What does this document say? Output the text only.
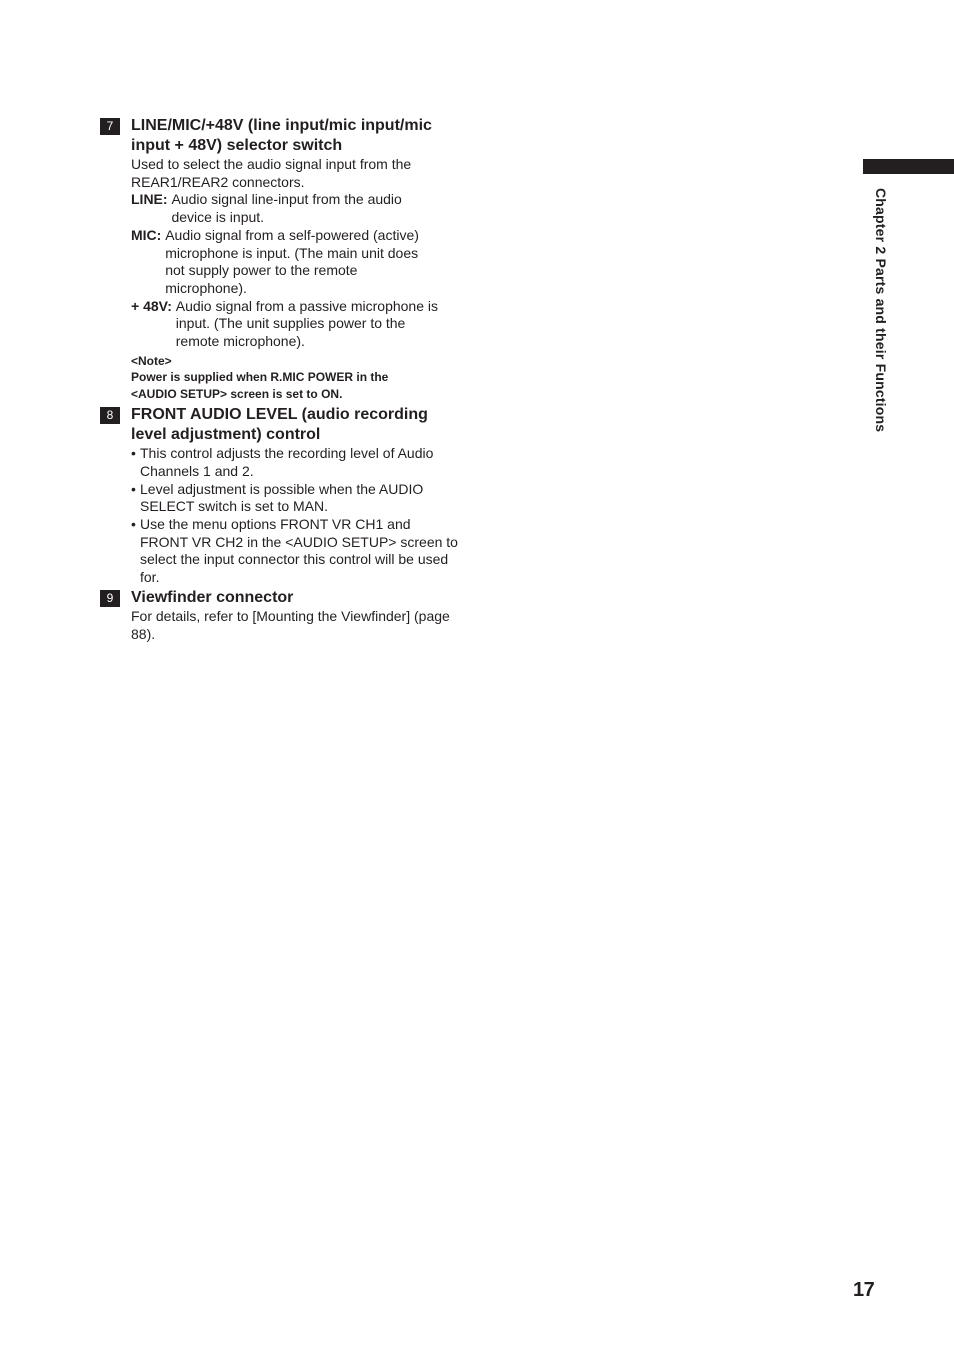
7	LINE/MIC/+48V (line input/mic input/mic input + 48V) selector switch
Used to select the audio signal input from the REAR1/REAR2 connectors.
LINE: Audio signal line-input from the audio device is input.
MIC: Audio signal from a self-powered (active) microphone is input. (The main unit does not supply power to the remote microphone).
+ 48V: Audio signal from a passive microphone is input. (The unit supplies power to the remote microphone).
<Note>
Power is supplied when R.MIC POWER in the <AUDIO SETUP> screen is set to ON.
8	FRONT AUDIO LEVEL (audio recording level adjustment) control
• This control adjusts the recording level of Audio Channels 1 and 2.
• Level adjustment is possible when the AUDIO SELECT switch is set to MAN.
• Use the menu options FRONT VR CH1 and FRONT VR CH2 in the <AUDIO SETUP> screen to select the input connector this control will be used for.
9	Viewfinder connector
For details, refer to [Mounting the Viewfinder] (page 88).
Chapter 2 Parts and their Functions
17
